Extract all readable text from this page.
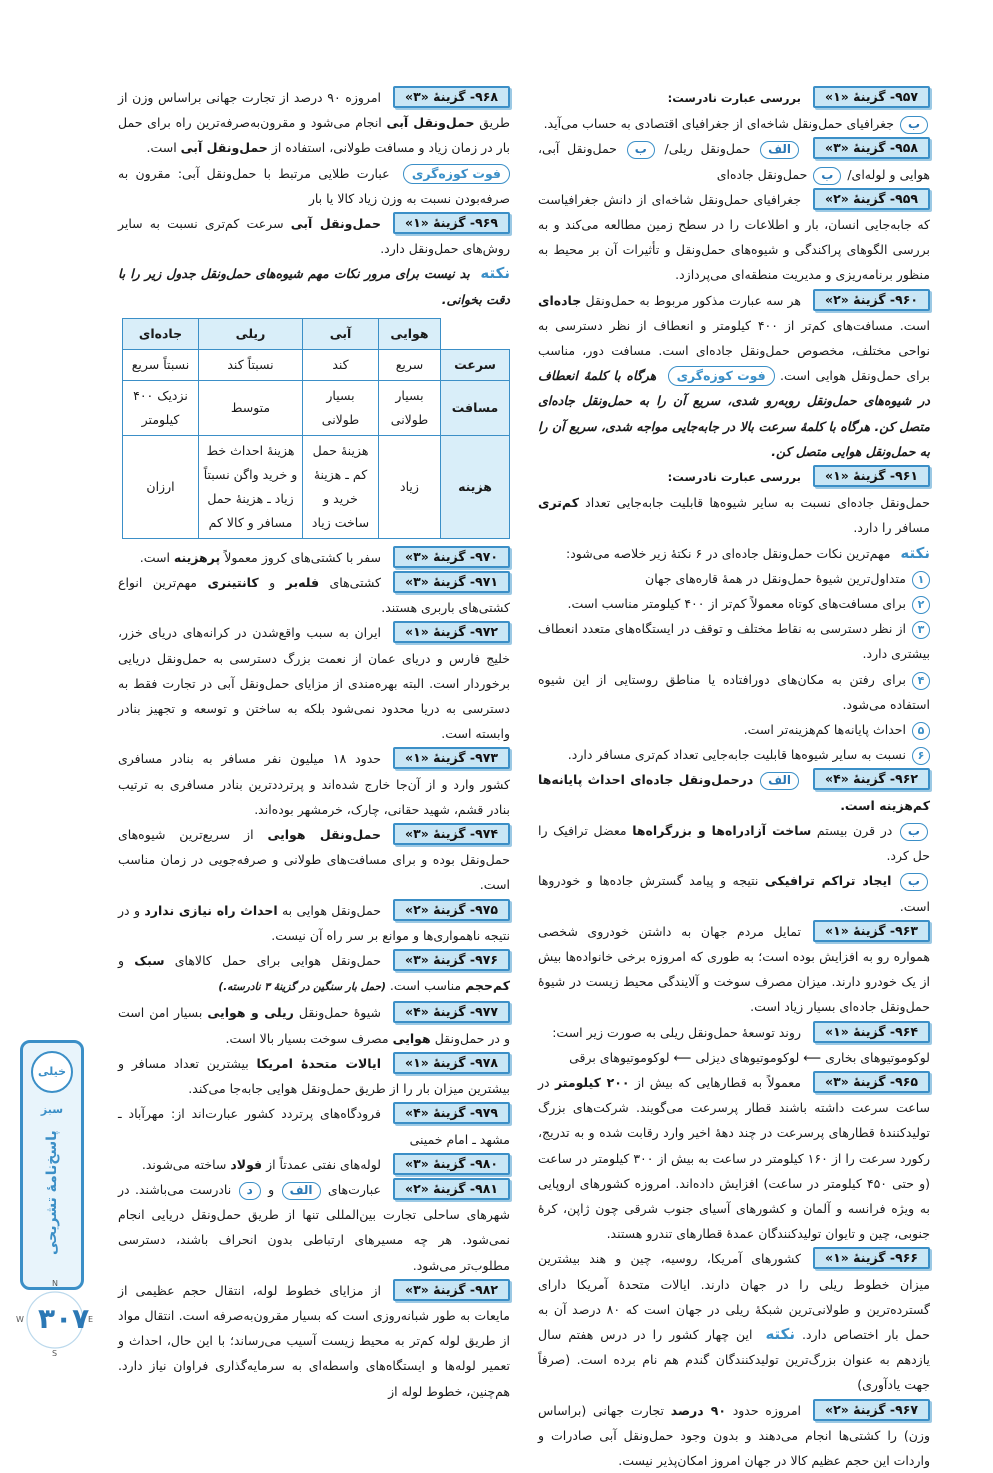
۹۵۷- گزینهٔ «۱»
بررسی عبارت نادرست:
ب جغرافیای حمل‌ونقل شاخه‌ای از جغرافیای اقتصادی به حساب می‌آید.
۹۵۸- گزینهٔ «۳»
الف حمل‌ونقل ریلی/ ب حمل‌ونقل آبی، هوایی و لوله‌ای/ ب حمل‌ونقل جاده‌ای
۹۵۹- گزینهٔ «۲»
جغرافیای حمل‌ونقل شاخه‌ای از دانش جغرافیاست که جابه‌جایی انسان، بار و اطلاعات را در سطح زمین مطالعه می‌کند و به بررسی الگوهای پراکندگی و شیوه‌های حمل‌ونقل و تأثیرات آن بر محیط به منظور برنامه‌ریزی و مدیریت منطقه‌ای می‌پردازد.
۹۶۰- گزینهٔ «۲»
هر سه عبارت مذکور مربوط به حمل‌ونقل جاده‌ای است. مسافت‌های کم‌تر از ۴۰۰ کیلومتر و انعطاف از نظر دسترسی به نواحی مختلف، مخصوص حمل‌ونقل جاده‌ای است. مسافت دور، مناسب برای حمل‌ونقل هوایی است. فوت کوزه‌گری هرگاه با کلمهٔ انعطاف در شیوه‌های حمل‌ونقل روبه‌رو شدی، سریع آن را به حمل‌ونقل جاده‌ای متصل کن. هرگاه با کلمهٔ سرعت بالا در جابه‌جایی مواجه شدی، سریع آن را به حمل‌ونقل هوایی متصل کن.
۹۶۱- گزینهٔ «۱»
بررسی عبارت نادرست:
حمل‌ونقل جاده‌ای نسبت به سایر شیوه‌ها قابلیت جابه‌جایی تعداد کم‌تری مسافر را دارد.
نکته مهم‌ترین نکات حمل‌ونقل جاده‌ای در ۶ نکتهٔ زیر خلاصه می‌شود:
۱متداول‌ترین شیوهٔ حمل‌ونقل در همهٔ قاره‌های جهان
۲برای مسافت‌های کوتاه معمولاً کم‌تر از ۴۰۰ کیلومتر مناسب است.
۳از نظر دسترسی به نقاط مختلف و توقف در ایستگاه‌های متعدد انعطاف بیشتری دارد.
۴برای رفتن به مکان‌های دورافتاده یا مناطق روستایی از این شیوه استفاده می‌شود.
۵احداث پایانه‌ها کم‌هزینه‌تر است.
۶نسبت به سایر شیوه‌ها قابلیت جابه‌جایی تعداد کم‌تری مسافر دارد.
۹۶۲- گزینهٔ «۴»
الف درحمل‌ونقل جاده‌ای احداث پایانه‌ها کم‌هزینه است.
ب در قرن بیستم ساخت آزادراه‌ها و بزرگراه‌ها معضل ترافیک را حل کرد.
ب ایجاد تراکم ترافیکی نتیجه و پیامد گسترش جاده‌ها و خودروها است.
۹۶۳- گزینهٔ «۱»
تمایل مردم جهان به داشتن خودروی شخصی همواره رو به افزایش بوده است؛ به طوری که امروزه برخی خانواده‌ها بیش از یک خودرو دارند. میزان مصرف سوخت و آلایندگی محیط زیست در شیوهٔ حمل‌ونقل جاده‌ای بسیار زیاد است.
۹۶۴- گزینهٔ «۱»
روند توسعهٔ حمل‌ونقل ریلی به صورت زیر است:
لوکوموتیوهای بخاری ⟵ لوکوموتیوهای دیزلی ⟵ لوکوموتیوهای برقی
۹۶۵- گزینهٔ «۳»
معمولاً به قطارهایی که بیش از ۲۰۰ کیلومتر در ساعت سرعت داشته باشند قطار پرسرعت می‌گویند. شرکت‌های بزرگ تولیدکنندهٔ قطارهای پرسرعت در چند دههٔ اخیر وارد رقابت شده و به تدریج، رکورد سرعت را از ۱۶۰ کیلومتر در ساعت به بیش از ۳۰۰ کیلومتر در ساعت (و حتی ۴۵۰ کیلومتر در ساعت) افزایش داده‌اند. امروزه کشورهای اروپایی به ویژه فرانسه و آلمان و کشورهای آسیای جنوب شرقی چون ژاپن، کرهٔ جنوبی، چین و تایوان تولیدکنندگان عمدهٔ قطارهای تندرو هستند.
۹۶۶- گزینهٔ «۱»
کشورهای آمریکا، روسیه، چین و هند بیشترین میزان خطوط ریلی را در جهان دارند. ایالات متحدهٔ آمریکا دارای گسترده‌ترین و طولانی‌ترین شبکهٔ ریلی در جهان است که ۸۰ درصد آن به حمل بار اختصاص دارد. نکته این چهار کشور را در درس هفتم سال یازدهم به عنوان بزرگ‌ترین تولیدکنندگان گندم هم نام برده است. (صرفاً جهت یادآوری)
۹۶۷- گزینهٔ «۲»
امروزه حدود ۹۰ درصد تجارت جهانی (براساس وزن) را کشتی‌ها انجام می‌دهند و بدون وجود حمل‌ونقل آبی صادرات و واردات این حجم عظیم کالا در جهان امروز امکان‌پذیر نیست.
۹۶۸- گزینهٔ «۳»
امروزه ۹۰ درصد از تجارت جهانی براساس وزن از طریق حمل‌ونقل آبی انجام می‌شود و مقرون‌به‌صرفه‌ترین راه برای حمل بار در زمان زیاد و مسافت طولانی، استفاده از حمل‌ونقل آبی است.
فوت کوزه‌گری عبارت طلایی مرتبط با حمل‌ونقل آبی: مقرون به صرفه‌بودن نسبت به وزن زیاد کالا یا بار
۹۶۹- گزینهٔ «۱»
حمل‌ونقل آبی سرعت کم‌تری نسبت به سایر روش‌های حمل‌ونقل دارد.
نکته بد نیست برای مرور نکات مهم شیوه‌های حمل‌ونقل جدول زیر را با دقت بخوانی.
	هوایی	آبی	ریلی	جاده‌ای
سرعت	سریع	کند	نسبتاً کند	نسبتاً سریع
مسافت	بسیار طولانی	بسیار طولانی	متوسط	نزدیک ۴۰۰ کیلومتر
هزینه	زیاد	هزینهٔ حمل کم ـ هزینهٔ خرید و ساخت زیاد	هزینهٔ احداث خط و خرید واگن نسبتاً زیاد ـ هزینهٔ حمل مسافر و کالا کم	ارزان
۹۷۰- گزینهٔ «۳»
سفر با کشتی‌های کروز معمولاً پرهزینه است.
۹۷۱- گزینهٔ «۳»
کشتی‌های فله‌بر و کانتینری مهم‌ترین انواع کشتی‌های باربری هستند.
۹۷۲- گزینهٔ «۱»
ایران به سبب واقع‌شدن در کرانه‌های دریای خزر، خلیج فارس و دریای عمان از نعمت بزرگ دسترسی به حمل‌ونقل دریایی برخوردار است. البته بهره‌مندی از مزایای حمل‌ونقل آبی در تجارت فقط به دسترسی به دریا محدود نمی‌شود بلکه به ساختن و توسعه و تجهیز بنادر وابسته است.
۹۷۳- گزینهٔ «۱»
حدود ۱۸ میلیون نفر مسافر به بنادر مسافری کشور وارد و از آن‌جا خارج شده‌اند و پرترددترین بنادر مسافری به ترتیب بنادر قشم، شهید حقانی، چارک، خرمشهر بوده‌اند.
۹۷۴- گزینهٔ «۳»
حمل‌ونقل هوایی از سریع‌ترین شیوه‌های حمل‌ونقل بوده و برای مسافت‌های طولانی و صرفه‌جویی در زمان مناسب است.
۹۷۵- گزینهٔ «۲»
حمل‌ونقل هوایی به احداث راه نیازی ندارد و در نتیجه ناهمواری‌ها و موانع بر سر راه آن نیست.
۹۷۶- گزینهٔ «۳»
حمل‌ونقل هوایی برای حمل کالاهای سبک و کم‌حجم مناسب است. (حمل بار سنگین در گزینهٔ ۳ نادرسته.)
۹۷۷- گزینهٔ «۴»
شیوهٔ حمل‌ونقل ریلی و هوایی بسیار امن است و در حمل‌ونقل هوایی مصرف سوخت بسیار بالا است.
۹۷۸- گزینهٔ «۱»
ایالات متحدهٔ امریکا بیشترین تعداد مسافر و بیشترین میزان بار را از طریق حمل‌ونقل هوایی جابه‌جا می‌کند.
۹۷۹- گزینهٔ «۴»
فرودگاه‌های پرتردد کشور عبارت‌اند از: مهرآباد ـ مشهد ـ امام خمینی
۹۸۰- گزینهٔ «۳»
لوله‌های نفتی عمدتاً از فولاد ساخته می‌شوند.
۹۸۱- گزینهٔ «۲»
عبارت‌های الف و د نادرست می‌باشند. در شهرهای ساحلی تجارت بین‌المللی تنها از طریق حمل‌ونقل دریایی انجام نمی‌شود. هر چه مسیرهای ارتباطی بدون انحراف باشند، دسترسی مطلوب‌تر می‌شود.
۹۸۲- گزینهٔ «۳»
از مزایای خطوط لوله، انتقال حجم عظیمی از مایعات به طور شبانه‌روزی است که بسیار مقرون‌به‌صرفه است. انتقال مواد از طریق لوله کم‌تر به محیط زیست آسیب می‌رساند؛ با این حال، احداث و تعمیر لوله‌ها و ایستگاه‌های واسطه‌ای به سرمایه‌گذاری فراوان نیاز دارد. هم‌چنین، خطوط لوله از
خیلی سبز
پاسخ‌نامهٔ تشریحی
N
S
W	E
۳۰۷
